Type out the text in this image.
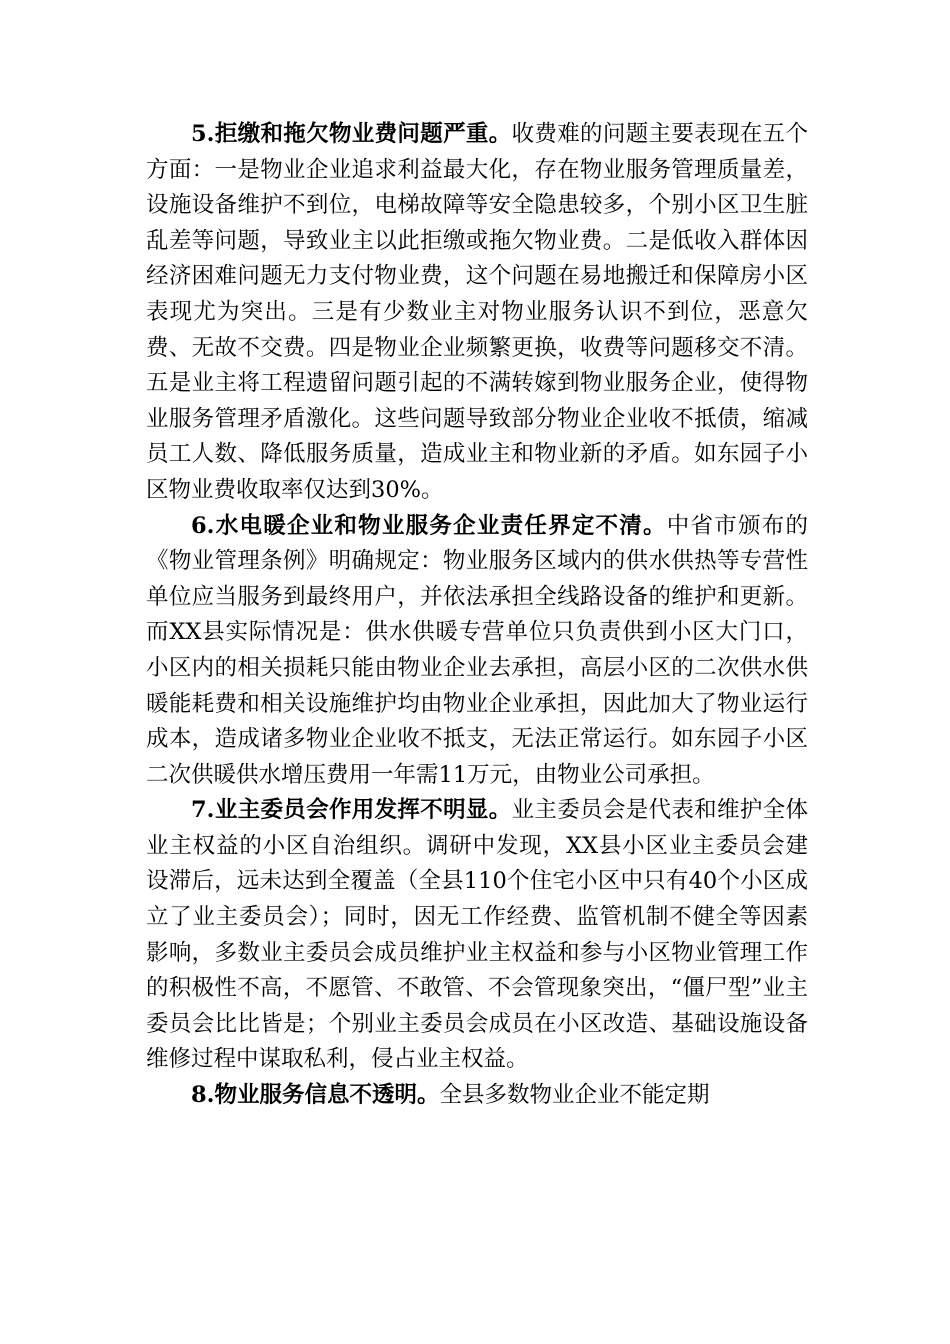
5.拒缴和拖欠物业费问题严重。收费难的问题主要表现在五个方面：一是物业企业追求利益最大化，存在物业服务管理质量差，设施设备维护不到位，电梯故障等安全隐患较多，个别小区卫生脏乱差等问题，导致业主以此拒缴或拖欠物业费。二是低收入群体因经济困难问题无力支付物业费，这个问题在易地搬迁和保障房小区表现尤为突出。三是有少数业主对物业服务认识不到位，恶意欠费、无故不交费。四是物业企业频繁更换，收费等问题移交不清。五是业主将工程遗留问题引起的不满转嫁到物业服务企业，使得物业服务管理矛盾激化。这些问题导致部分物业企业收不抵债，缩减员工人数、降低服务质量，造成业主和物业新的矛盾。如东园子小区物业费收取率仅达到30%。

6.水电暖企业和物业服务企业责任界定不清。中省市颁布的《物业管理条例》明确规定：物业服务区域内的供水供热等专营性单位应当服务到最终用户，并依法承担全线路设备的维护和更新。而XX县实际情况是：供水供暖专营单位只负责供到小区大门口，小区内的相关损耗只能由物业企业去承担，高层小区的二次供水供暖能耗费和相关设施维护均由物业企业承担，因此加大了物业运行成本，造成诸多物业企业收不抵支，无法正常运行。如东园子小区二次供暖供水增压费用一年需11万元，由物业公司承担。

7.业主委员会作用发挥不明显。业主委员会是代表和维护全体业主权益的小区自治组织。调研中发现，XX县小区业主委员会建设滞后，远未达到全覆盖（全县110个住宅小区中只有40个小区成立了业主委员会）；同时，因无工作经费、监管机制不健全等因素影响，多数业主委员会成员维护业主权益和参与小区物业管理工作的积极性不高，不愿管、不敢管、不会管现象突出，“僵尸型”业主委员会比比皆是；个别业主委员会成员在小区改造、基础设施设备维修过程中谋取私利，侵占业主权益。

8.物业服务信息不透明。全县多数物业企业不能定期
